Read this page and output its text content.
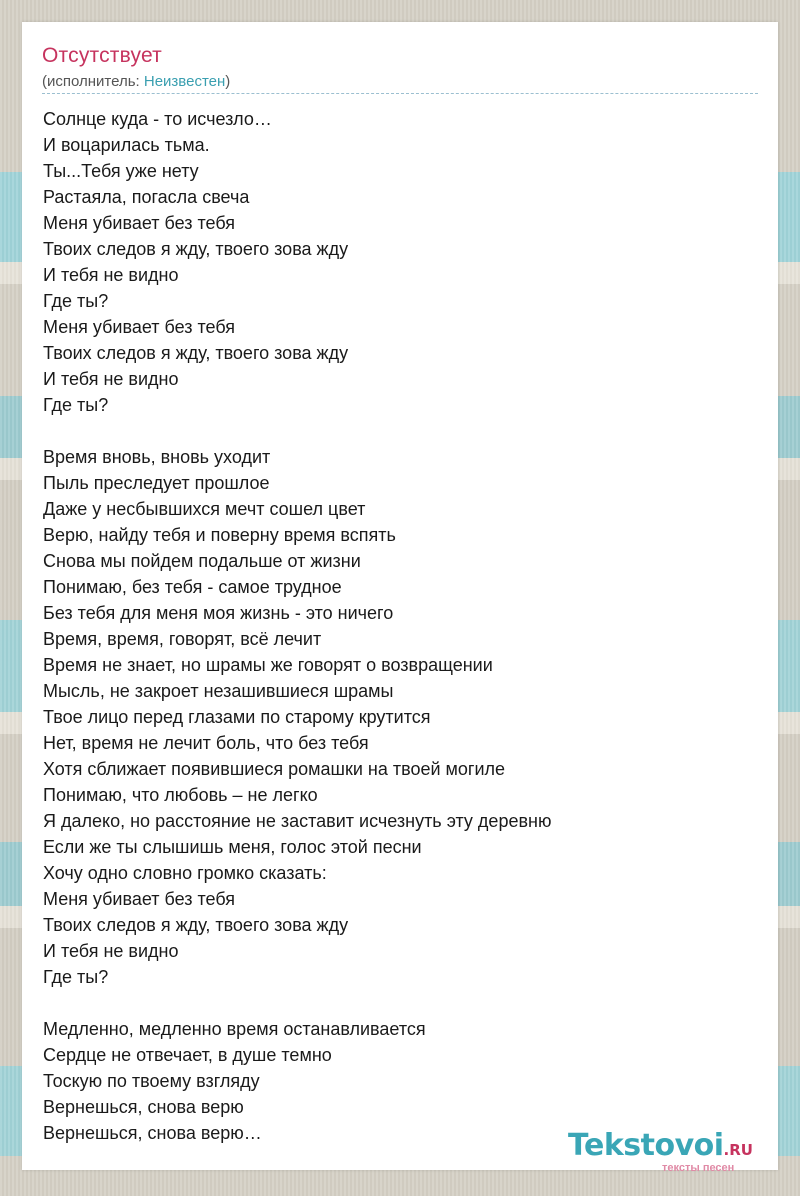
Отсутствует
(исполнитель: Неизвестен)
Солнце куда - то исчезло…
И воцарилась тьма.
Ты...Тебя уже нету
Растаяла, погасла свеча
Меня убивает без тебя
Твоих следов я жду, твоего зова жду
И тебя не видно
Где ты?
Меня убивает без тебя
Твоих следов я жду, твоего зова жду
И тебя не видно
Где ты?

Время вновь, вновь уходит
Пыль преследует прошлое
Даже у несбывшихся мечт сошел цвет
Верю, найду тебя и поверну время вспять
Снова мы пойдем подальше от жизни
Понимаю, без тебя - самое трудное
Без тебя для меня моя жизнь - это ничего
Время, время, говорят, всё лечит
Время не знает, но шрамы же говорят о возвращении
Мысль, не закроет незашившиеся шрамы
Твое лицо перед глазами по старому крутится
Нет, время не лечит боль, что без тебя
Хотя сближает появившиеся ромашки на твоей могиле
Понимаю, что любовь – не легко
Я далеко, но расстояние не заставит исчезнуть эту деревню
Если же ты слышишь меня, голос этой песни
Хочу одно словно громко сказать:
Меня убивает без тебя
Твоих следов я жду, твоего зова жду
И тебя не видно
Где ты?

Медленно, медленно время останавливается
Сердце не отвечает, в душе темно
Тоскую по твоему взгляду
Вернешься, снова верю
Вернешься, снова верю…	Tekstovoi.RU
тексты песен
